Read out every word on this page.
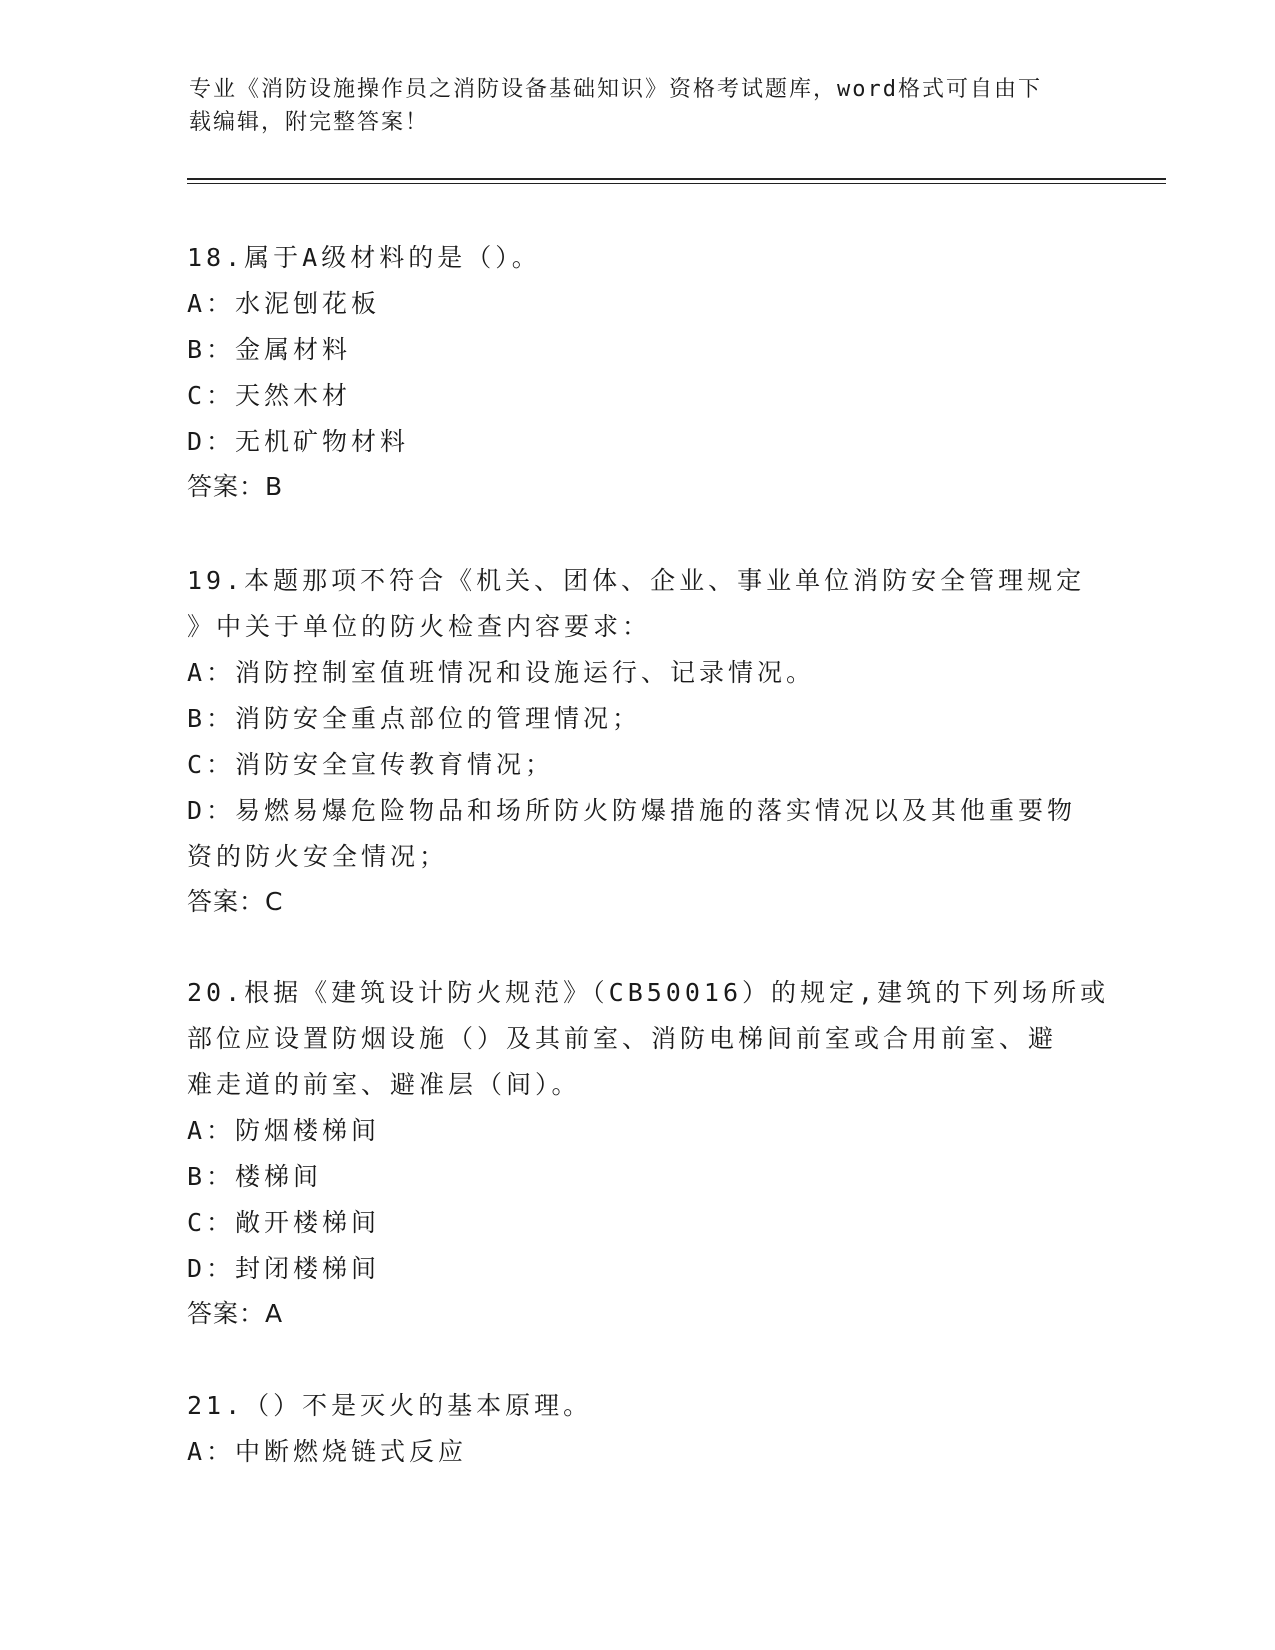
专业《消防设施操作员之消防设备基础知识》资格考试题库，word格式可自由下
载编辑，附完整答案！
18.属于A级材料的是（）。
A：水泥刨花板
B：金属材料
C：天然木材
D：无机矿物材料
答案：B
19.本题那项不符合《机关、团体、企业、事业单位消防安全管理规定
》中关于单位的防火检查内容要求：
A：消防控制室值班情况和设施运行、记录情况。
B：消防安全重点部位的管理情况；
C：消防安全宣传教育情况；
D：易燃易爆危险物品和场所防火防爆措施的落实情况以及其他重要物
资的防火安全情况；
答案：C
20.根据《建筑设计防火规范》（CB50016）的规定,建筑的下列场所或
部位应设置防烟设施（）及其前室、消防电梯间前室或合用前室、避
难走道的前室、避准层（间）。
A：防烟楼梯间
B：楼梯间
C：敞开楼梯间
D：封闭楼梯间
答案：A
21.（）不是灭火的基本原理。
A：中断燃烧链式反应
